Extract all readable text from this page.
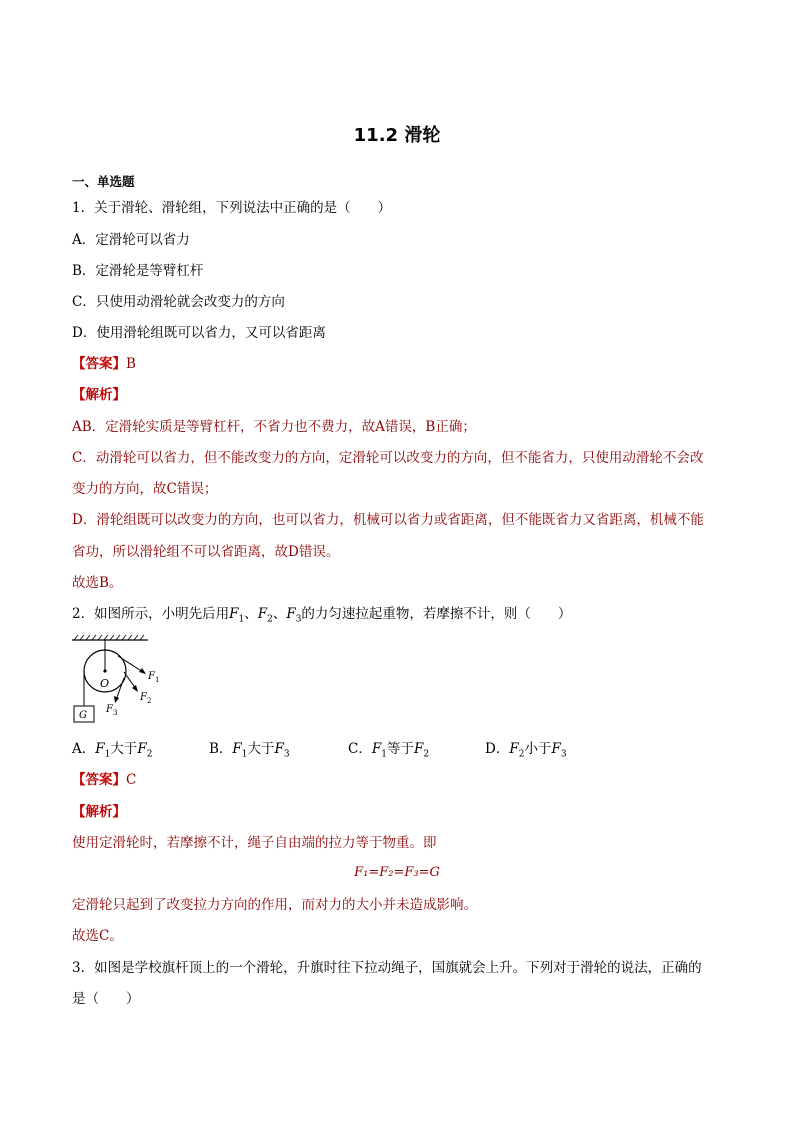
11.2 滑轮
一、单选题
1．关于滑轮、滑轮组，下列说法中正确的是（　　）
A．定滑轮可以省力
B．定滑轮是等臂杠杆
C．只使用动滑轮就会改变力的方向
D．使用滑轮组既可以省力，又可以省距离
【答案】B
【解析】
AB．定滑轮实质是等臂杠杆，不省力也不费力，故A错误，B正确；
C．动滑轮可以省力，但不能改变力的方向，定滑轮可以改变力的方向，但不能省力，只使用动滑轮不会改
变力的方向，故C错误；
D．滑轮组既可以改变力的方向，也可以省力，机械可以省力或省距离，但不能既省力又省距离，机械不能
省功，所以滑轮组不可以省距离，故D错误。
故选B。
2．如图所示，小明先后用$F_1$、$F_2$、$F_3$的力匀速拉起重物，若摩擦不计，则（　　）
O
G
$F_1$
$F_2$
$F_3$
A．$F_1$大于$F_2$	B．$F_1$大于$F_3$	C．$F_1$等于$F_2$	D．$F_2$小于$F_3$
【答案】C
【解析】
使用定滑轮时，若摩擦不计，绳子自由端的拉力等于物重。即
F₁=F₂=F₃=G
定滑轮只起到了改变拉力方向的作用，而对力的大小并未造成影响。
故选C。
3．如图是学校旗杆顶上的一个滑轮，升旗时往下拉动绳子，国旗就会上升。下列对于滑轮的说法，正确的
是（　　）
